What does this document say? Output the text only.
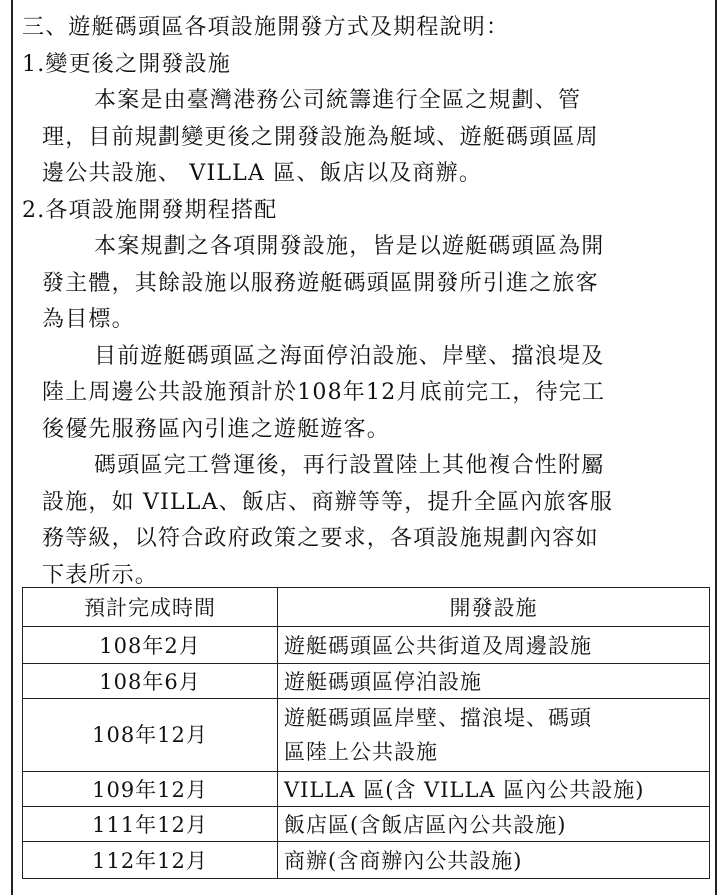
三、遊艇碼頭區各項設施開發方式及期程說明：
1.變更後之開發設施
本案是由臺灣港務公司統籌進行全區之規劃、管
理，目前規劃變更後之開發設施為艇域、遊艇碼頭區周
邊公共設施、 VILLA 區、飯店以及商辦。
2.各項設施開發期程搭配
本案規劃之各項開發設施，皆是以遊艇碼頭區為開
發主體，其餘設施以服務遊艇碼頭區開發所引進之旅客
為目標。
目前遊艇碼頭區之海面停泊設施、岸壁、擋浪堤及
陸上周邊公共設施預計於108年12月底前完工，待完工
後優先服務區內引進之遊艇遊客。
碼頭區完工營運後，再行設置陸上其他複合性附屬
設施，如 VILLA、飯店、商辦等等，提升全區內旅客服
務等級，以符合政府政策之要求，各項設施規劃內容如
下表所示。
預計完成時間	開發設施
108年2月	遊艇碼頭區公共街道及周邊設施
108年6月	遊艇碼頭區停泊設施
108年12月	遊艇碼頭區岸壁、擋浪堤、碼頭
區陸上公共設施

109年12月	VILLA 區(含 VILLA 區內公共設施)
111年12月	飯店區(含飯店區內公共設施)
112年12月	商辦(含商辦內公共設施)
